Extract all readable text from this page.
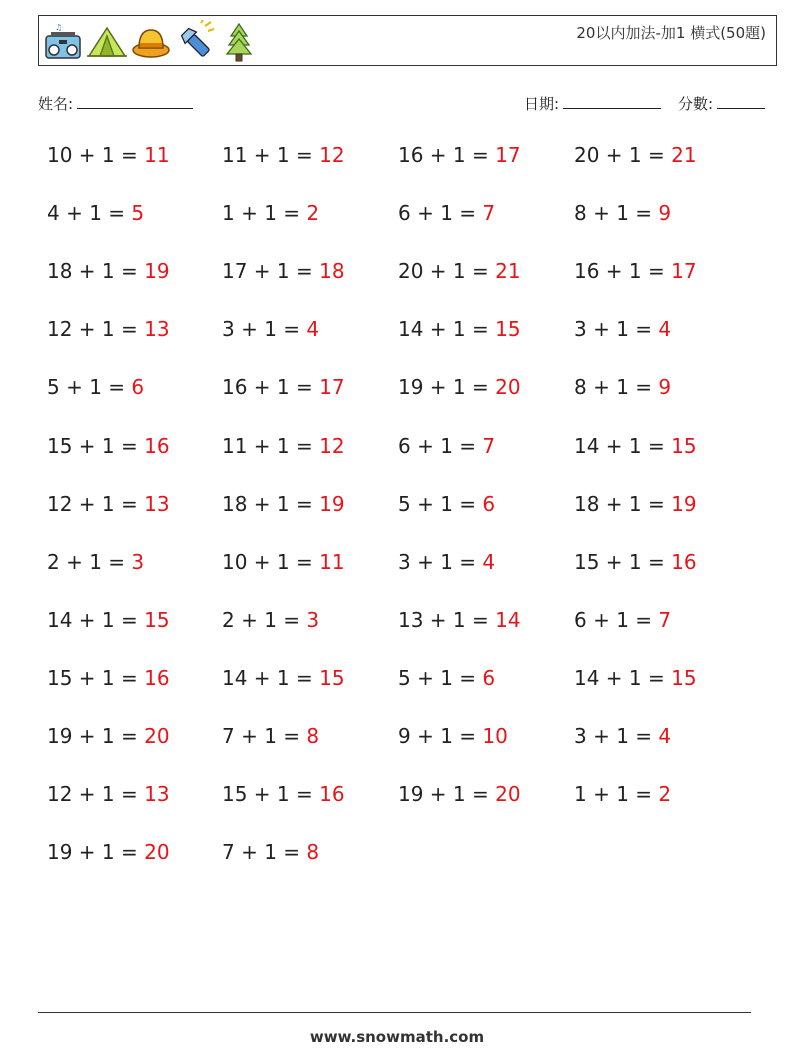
♫	20以内加法-加1 横式(50題)
姓名:	日期:	分數:
10 + 1 = 11	11 + 1 = 12	16 + 1 = 17	20 + 1 = 21
4 + 1 = 5	1 + 1 = 2	6 + 1 = 7	8 + 1 = 9
18 + 1 = 19	17 + 1 = 18	20 + 1 = 21	16 + 1 = 17
12 + 1 = 13	3 + 1 = 4	14 + 1 = 15	3 + 1 = 4
5 + 1 = 6	16 + 1 = 17	19 + 1 = 20	8 + 1 = 9
15 + 1 = 16	11 + 1 = 12	6 + 1 = 7	14 + 1 = 15
12 + 1 = 13	18 + 1 = 19	5 + 1 = 6	18 + 1 = 19
2 + 1 = 3	10 + 1 = 11	3 + 1 = 4	15 + 1 = 16
14 + 1 = 15	2 + 1 = 3	13 + 1 = 14	6 + 1 = 7
15 + 1 = 16	14 + 1 = 15	5 + 1 = 6	14 + 1 = 15
19 + 1 = 20	7 + 1 = 8	9 + 1 = 10	3 + 1 = 4
12 + 1 = 13	15 + 1 = 16	19 + 1 = 20	1 + 1 = 2
19 + 1 = 20	7 + 1 = 8
www.snowmath.com
